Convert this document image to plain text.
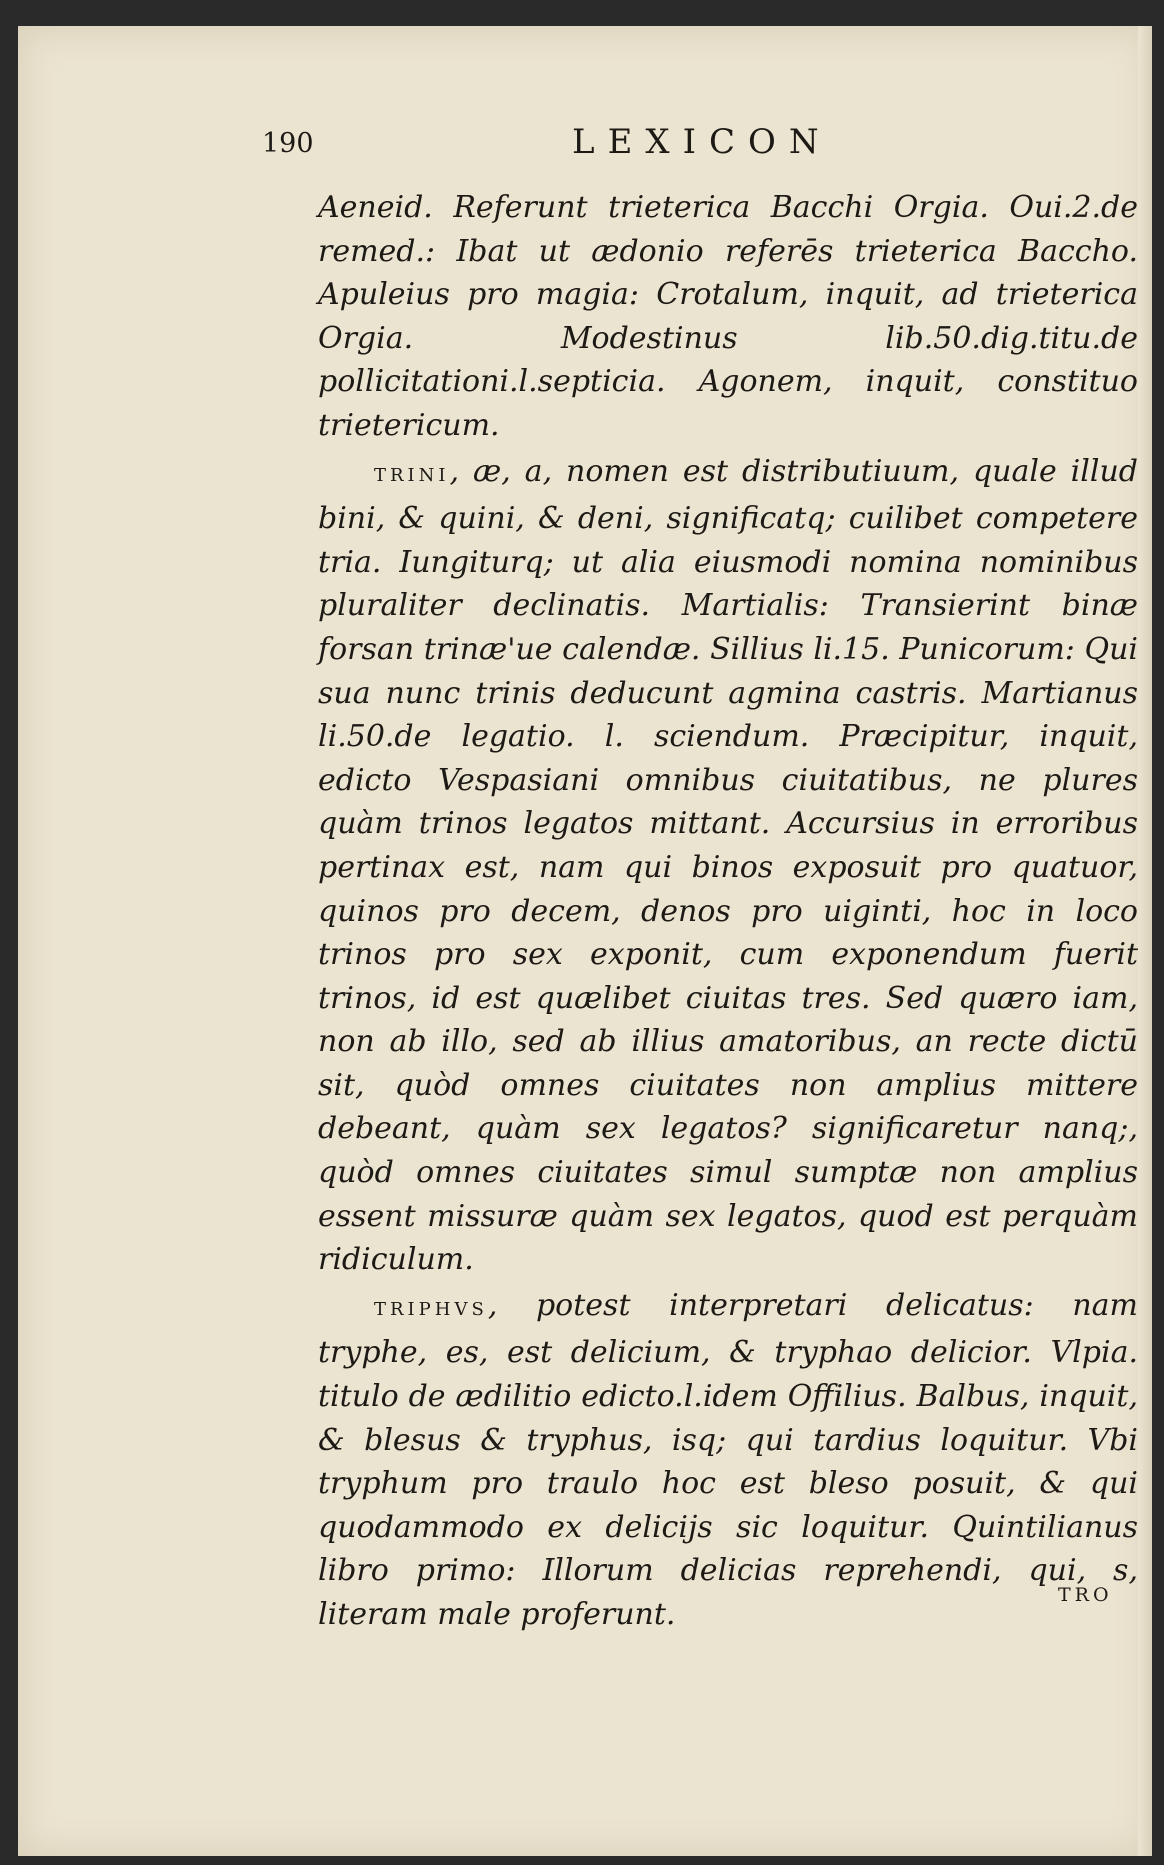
190	LEXICON

Aeneid. Referunt trieterica Bacchi Orgia. Oui.2.de remed.: Ibat ut ædonio referēs trieterica Baccho. Apuleius pro magia: Crotalum, inquit, ad trieterica Orgia. Modestinus lib.50.dig.titu.de pollicitationi.l.septicia. Agonem, inquit, constituo trietericum.

TRINI, æ, a, nomen est distributiuum, quale illud bini, & quini, & deni, significatq; cuilibet competere tria. Iungiturq; ut alia eiusmodi nomina nominibus pluraliter declinatis. Martialis: Transierint binæ forsan trinæ'ue calendæ. Sillius li.15. Punicorum: Qui sua nunc trinis deducunt agmina castris. Martianus li.50.de legatio. l. sciendum. Præcipitur, inquit, edicto Vespasiani omnibus ciuitatibus, ne plures quàm trinos legatos mittant. Accursius in erroribus pertinax est, nam qui binos exposuit pro quatuor, quinos pro decem, denos pro uiginti, hoc in loco trinos pro sex exponit, cum exponendum fuerit trinos, id est quælibet ciuitas tres. Sed quæro iam, non ab illo, sed ab illius amatoribus, an recte dictū sit, quòd omnes ciuitates non amplius mittere debeant, quàm sex legatos? significaretur nanq;, quòd omnes ciuitates simul sumptæ non amplius essent missuræ quàm sex legatos, quod est perquàm ridiculum.

TRIPHVS, potest interpretari delicatus: nam tryphe, es, est delicium, & tryphao delicior. Vlpia. titulo de ædilitio edicto.l.idem Offilius. Balbus, inquit, & blesus & tryphus, isq; qui tardius loquitur. Vbi tryphum pro traulo hoc est bleso posuit, & qui quodammodo ex delicijs sic loquitur. Quintilianus libro primo: Illorum delicias reprehendi, qui, s, literam male proferunt.

TRO
